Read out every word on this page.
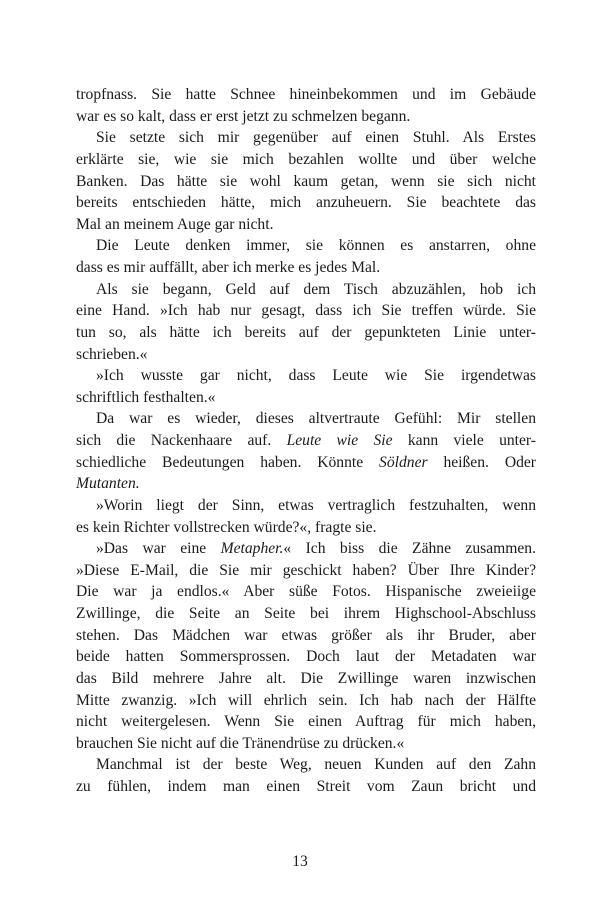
tropfnass. Sie hatte Schnee hineinbekommen und im Gebäude
war es so kalt, dass er erst jetzt zu schmelzen begann.
Sie setzte sich mir gegenüber auf einen Stuhl. Als Erstes
erklärte sie, wie sie mich bezahlen wollte und über welche
Banken. Das hätte sie wohl kaum getan, wenn sie sich nicht
bereits entschieden hätte, mich anzuheuern. Sie beachtete das
Mal an meinem Auge gar nicht.
Die Leute denken immer, sie können es anstarren, ohne
dass es mir auffällt, aber ich merke es jedes Mal.
Als sie begann, Geld auf dem Tisch abzuzählen, hob ich
eine Hand. »Ich hab nur gesagt, dass ich Sie treffen würde. Sie
tun so, als hätte ich bereits auf der gepunkteten Linie unter-
schrieben.«
»Ich wusste gar nicht, dass Leute wie Sie irgendetwas
schriftlich festhalten.«
Da war es wieder, dieses altvertraute Gefühl: Mir stellen
sich die Nackenhaare auf. Leute wie Sie kann viele unter-
schiedliche Bedeutungen haben. Könnte Söldner heißen. Oder
Mutanten.
»Worin liegt der Sinn, etwas vertraglich festzuhalten, wenn
es kein Richter vollstrecken würde?«, fragte sie.
»Das war eine Metapher.« Ich biss die Zähne zusammen.
»Diese E-Mail, die Sie mir geschickt haben? Über Ihre Kinder?
Die war ja endlos.« Aber süße Fotos. Hispanische zweieiige
Zwillinge, die Seite an Seite bei ihrem Highschool-Abschluss
stehen. Das Mädchen war etwas größer als ihr Bruder, aber
beide hatten Sommersprossen. Doch laut der Metadaten war
das Bild mehrere Jahre alt. Die Zwillinge waren inzwischen
Mitte zwanzig. »Ich will ehrlich sein. Ich hab nach der Hälfte
nicht weitergelesen. Wenn Sie einen Auftrag für mich haben,
brauchen Sie nicht auf die Tränendrüse zu drücken.«
Manchmal ist der beste Weg, neuen Kunden auf den Zahn
zu fühlen, indem man einen Streit vom Zaun bricht und
13
